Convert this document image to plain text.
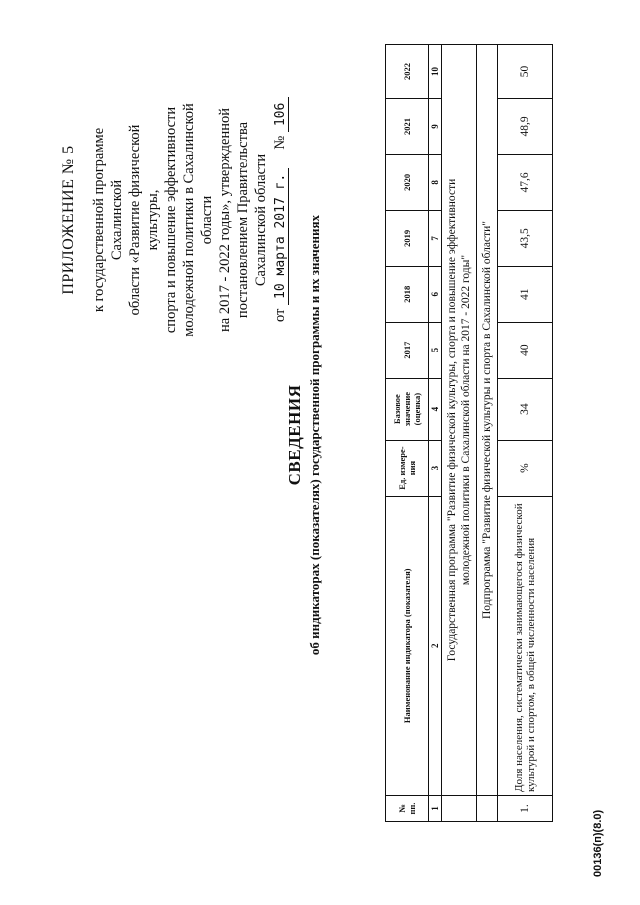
ПРИЛОЖЕНИЕ № 5 к государственной программе Сахалинской области «Развитие физической культуры, спорта и повышение эффективности молодежной политики в Сахалинской области на 2017 - 2022 годы», утвержденной постановлением Правительства Сахалинской области
от 10 марта 2017 г.     № 106
СВЕДЕНИЯ об индикаторах (показателях) государственной программы и их значениях
№ пп.	Наименование индикатора (показателя)	Ед. измере-ния	Базовое значение (оценка)	2017	2018	2019	2020	2021	2022
1	2	3	4	5	6	7	8	9	10
	Государственная программа "Развитие физической культуры, спорта и повышение эффективности молодежной политики в Сахалинской области на 2017 - 2022 годы"								
	Подпрограмма "Развитие физической культуры и спорта в Сахалинской области"								
1.	Доля населения, систематически занимающегося физической культурой и спортом, в общей численности населения	%	34	40	41	43,5	47,6	48,9	50
00136(п)(8.0)
